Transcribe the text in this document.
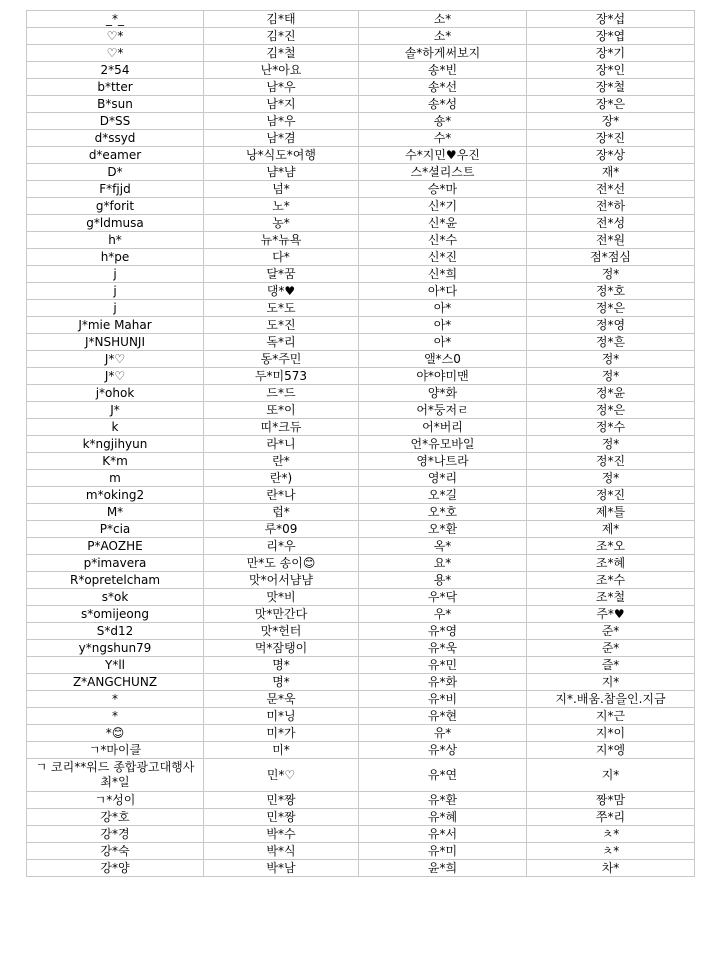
_*_	김*태	소*	장*섭
♡*	김*진	소*	장*엽
♡*	김*철	솔*하게써보지	장*기
2*54	난*아요	송*빈	장*인
b*tter	남*우	송*선	장*철
B*sun	남*지	송*성	장*은
D*SS	남*우	숑*	장*
d*ssyd	남*겸	수*	장*진
d*eamer	낭*식도*여행	수*지민♥우진	장*상
D*	냠*냠	스*셜리스트	재*
F*fjjd	넘*	승*마	전*선
g*forit	노*	신*기	전*하
g*ldmusa	농*	신*윤	전*성
h*	뉴*뉴욕	신*수	전*원
h*pe	다*	신*진	점*점심
j	달*꿈	신*희	정*
j	댕*♥	아*다	정*호
j	도*도	아*	정*은
J*mie Mahar	도*진	아*	정*영
J*NSHUNJI	독*리	아*	정*흔
J*♡	동*주민	앨*스0	정*
J*♡	두*미573	야*야미맨	정*
j*ohok	드*드	양*화	정*윤
J*	또*이	어*둥저ㄹ	정*은
k	띠*크듀	어*버리	정*수
k*ngjihyun	라*니	언*유모바일	정*
K*m	란*	영*나트라	정*진
m	란*)	영*리	정*
m*oking2	란*나	오*길	정*진
M*	럽*	오*호	제*틀
P*cia	루*09	오*환	제*
P*AOZHE	리*우	옥*	조*오
p*imavera	만*도 송이😊	요*	조*혜
R*opretelcham	맛*어서냠냠	용*	조*수
s*ok	맛*비	우*닥	조*철
s*omijeong	맛*만간다	우*	주*♥
S*d12	맛*헌터	유*영	준*
y*ngshun79	먹*잠탱이	유*욱	준*
Y*ll	명*	유*민	즐*
Z*ANGCHUNZ	명*	유*화	지*
*	문*욱	유*비	지*.배움.참을인.지금
*	미*닝	유*현	지*근
*😊	미*가	유*	지*이
ㄱ*마이클	미*	유*상	지*엥
ㄱ 코리**워드 종합광고대행사 최*일	민*♡	유*연	지*
ㄱ*성이	민*짱	유*환	짱*맘
강*호	민*짱	유*혜	쭈*리
강*경	박*수	유*서	ㅊ*
강*숙	박*식	유*미	ㅊ*
강*양	박*남	윤*희	차*
